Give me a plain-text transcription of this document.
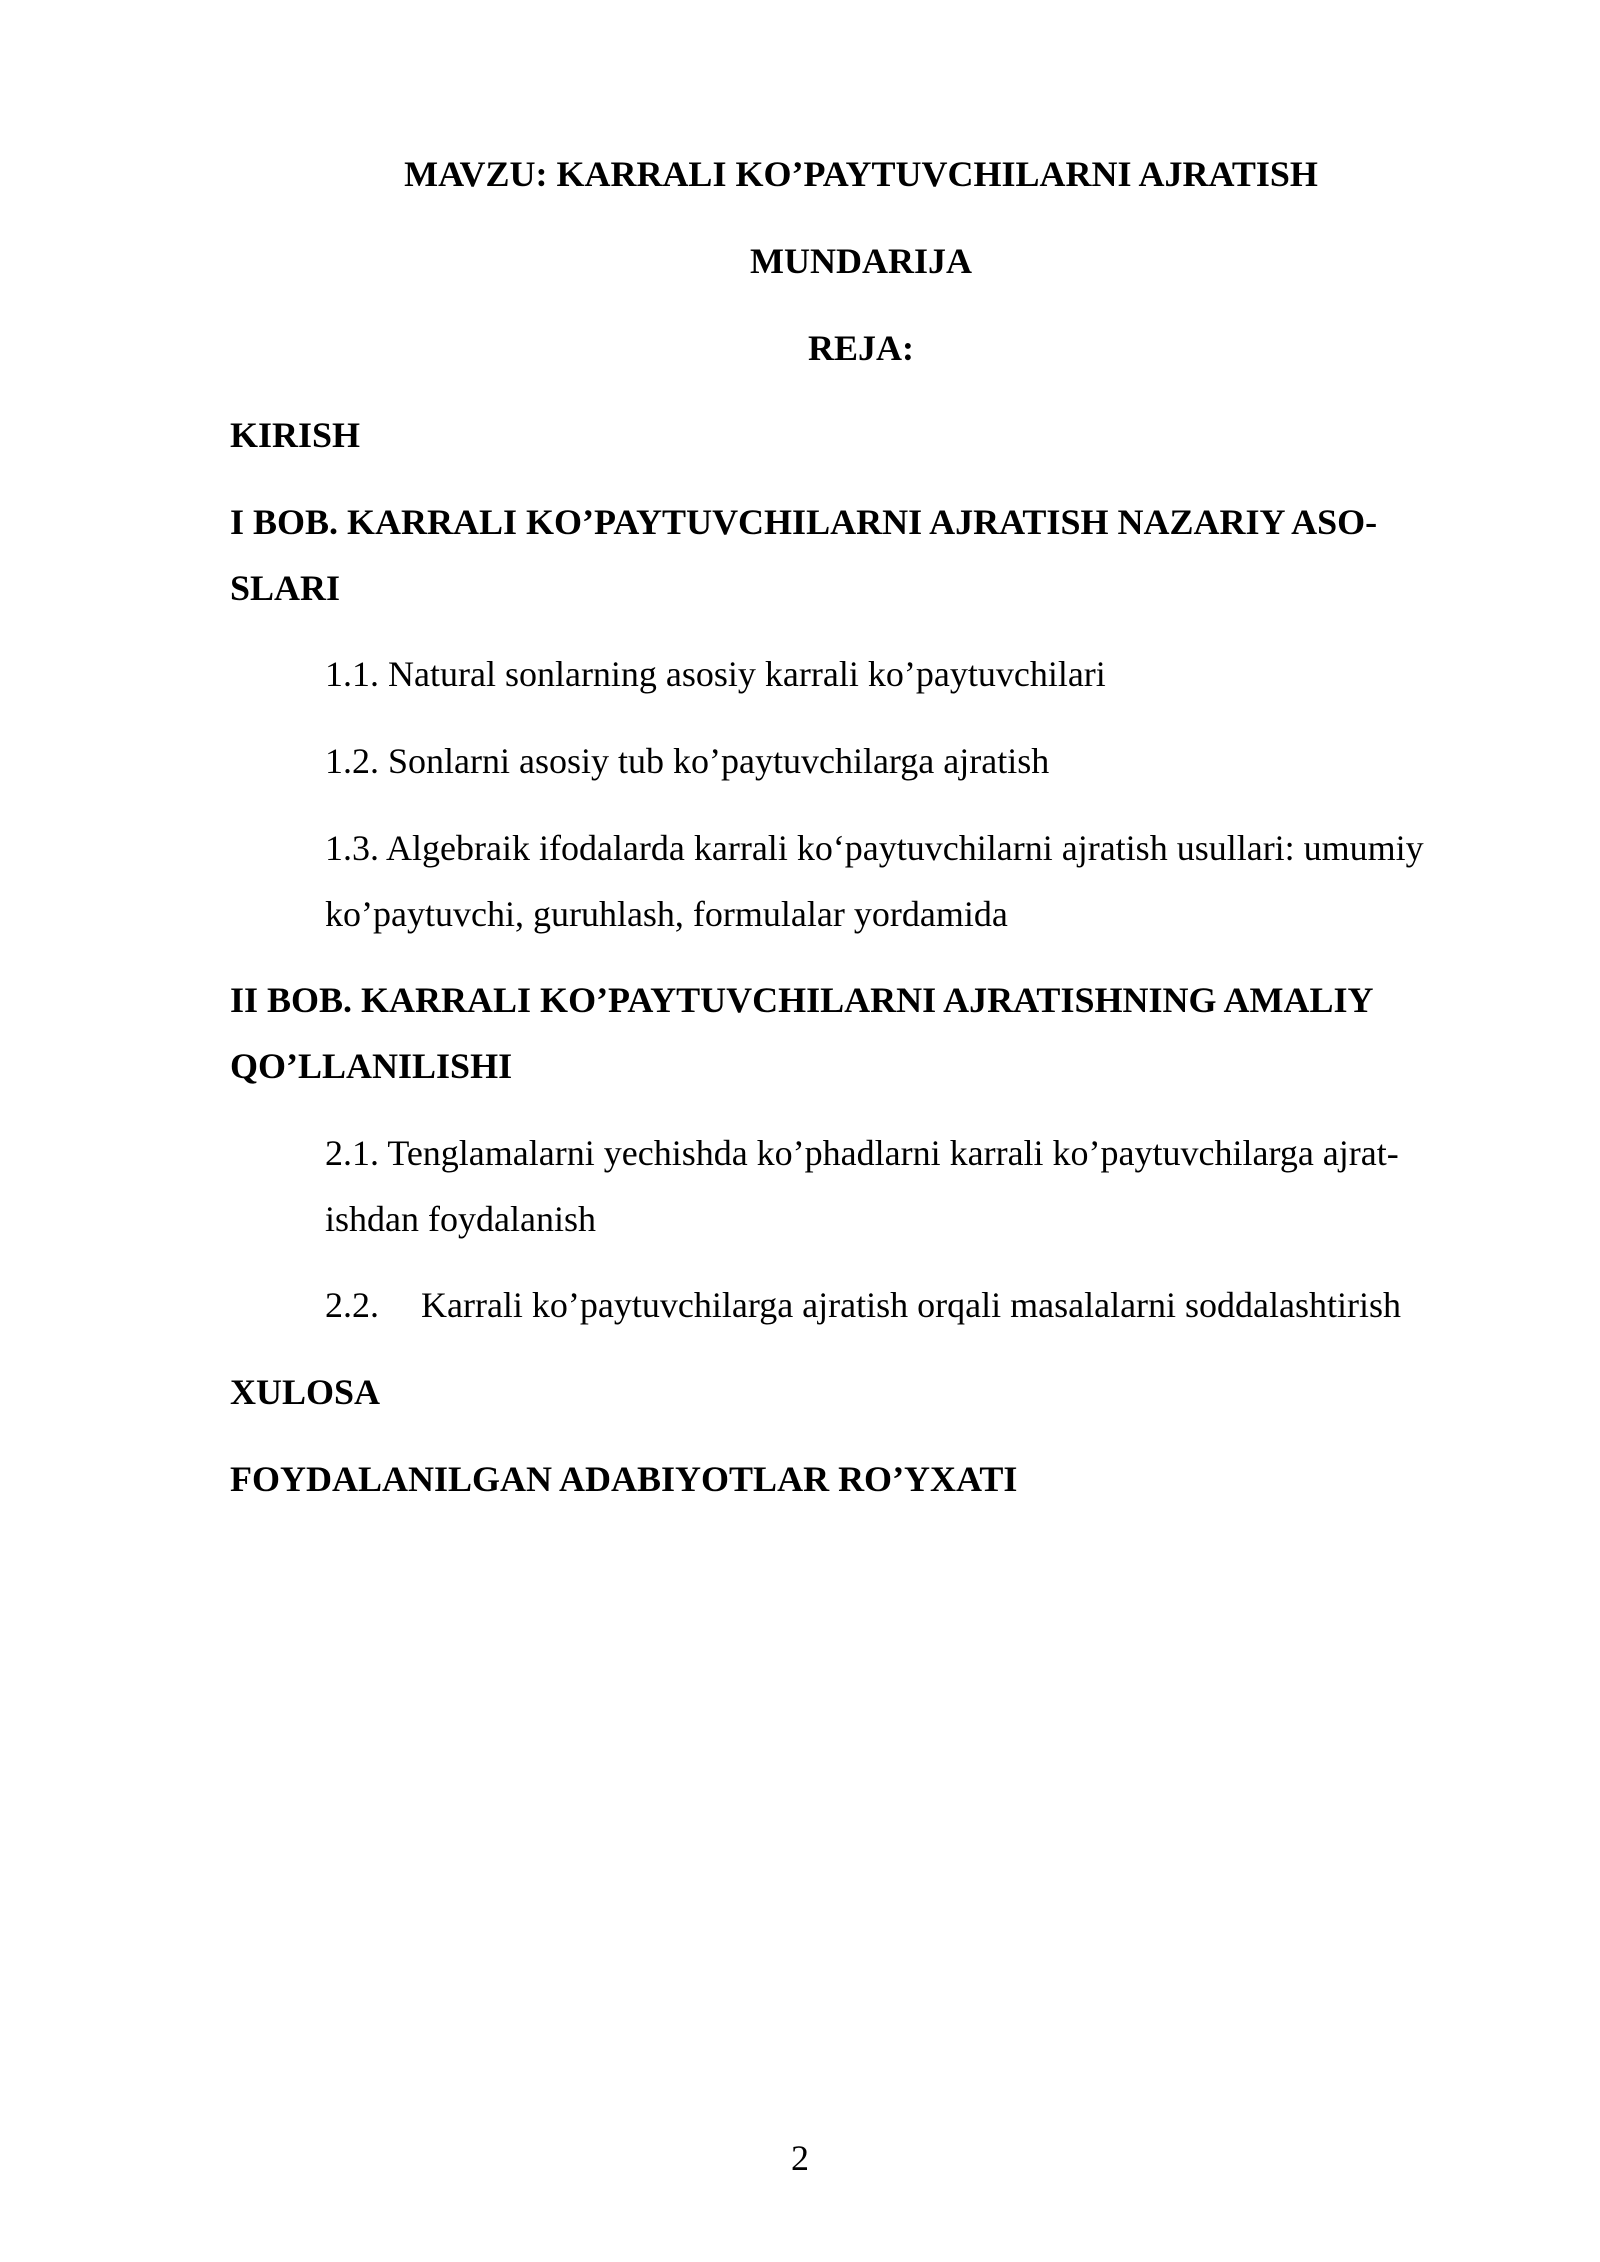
MAVZU: KARRALI KO’PAYTUVCHILARNI AJRATISH
MUNDARIJA
REJA:
KIRISH
I BOB. KARRALI KO’PAYTUVCHILARNI AJRATISH NAZARIY ASO-
SLARI
1.1. Natural sonlarning asosiy karrali ko’paytuvchilari
1.2. Sonlarni asosiy tub ko’paytuvchilarga ajratish
1.3. Algebraik ifodalarda karrali ko‘paytuvchilarni ajratish usullari: umumiy
ko’paytuvchi, guruhlash, formulalar yordamida
II BOB. KARRALI KO’PAYTUVCHILARNI AJRATISHNING AMALIY
QO’LLANILISHI
2.1. Tenglamalarni yechishda ko’phadlarni karrali ko’paytuvchilarga ajrat-
ishdan foydalanish
2.2. Karrali ko’paytuvchilarga ajratish orqali masalalarni soddalashtirish
XULOSA
FOYDALANILGAN ADABIYOTLAR RO’YXATI
2
